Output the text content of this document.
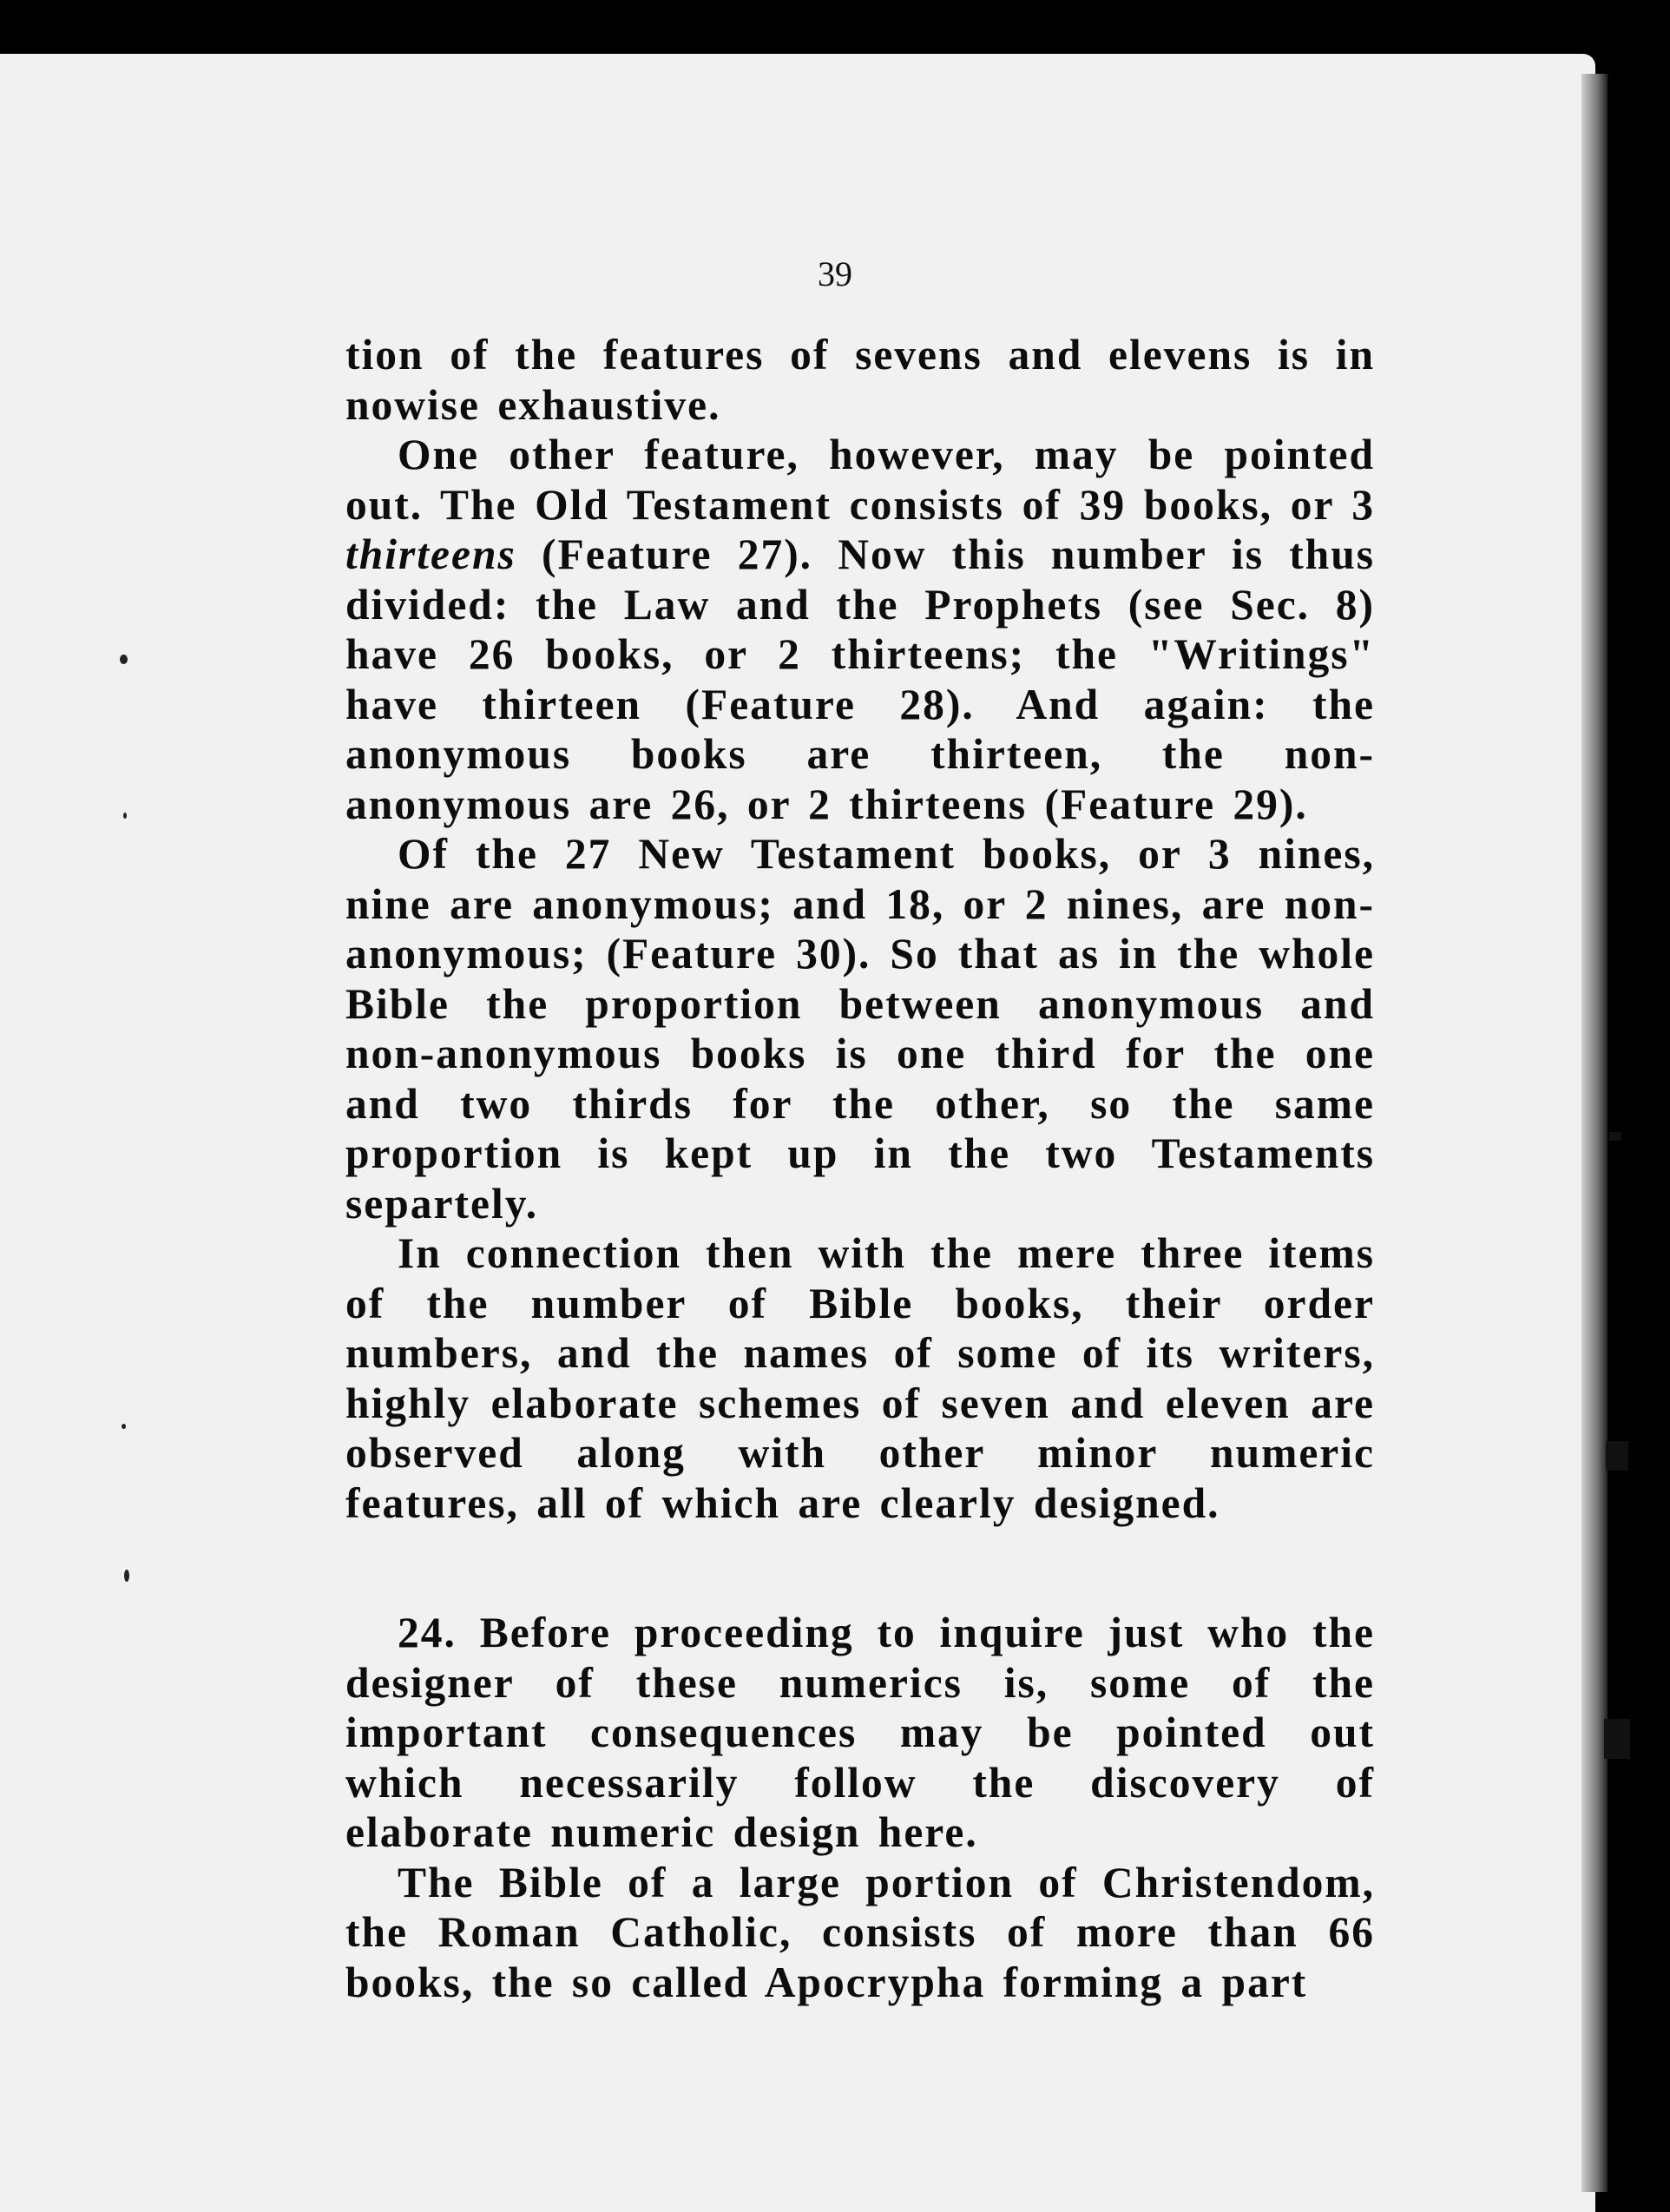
39

tion of the features of sevens and elevens is in nowise exhaustive.

One other feature, however, may be pointed out. The Old Testament consists of 39 books, or 3 thirteens (Feature 27). Now this number is thus divided: the Law and the Prophets (see Sec. 8) have 26 books, or 2 thirteens; the "Writings" have thirteen (Feature 28). And again: the anonymous books are thirteen, the non-anonymous are 26, or 2 thirteens (Feature 29).

Of the 27 New Testament books, or 3 nines, nine are anonymous; and 18, or 2 nines, are non-anonymous; (Feature 30). So that as in the whole Bible the proportion between anonymous and non-anonymous books is one third for the one and two thirds for the other, so the same proportion is kept up in the two Testaments separtely.

In connection then with the mere three items of the number of Bible books, their order numbers, and the names of some of its writers, highly elaborate schemes of seven and eleven are observed along with other minor numeric features, all of which are clearly designed.

24. Before proceeding to inquire just who the designer of these numerics is, some of the important consequences may be pointed out which necessarily follow the discovery of elaborate numeric design here.

The Bible of a large portion of Christendom, the Roman Catholic, consists of more than 66 books, the so called Apocrypha forming a part
